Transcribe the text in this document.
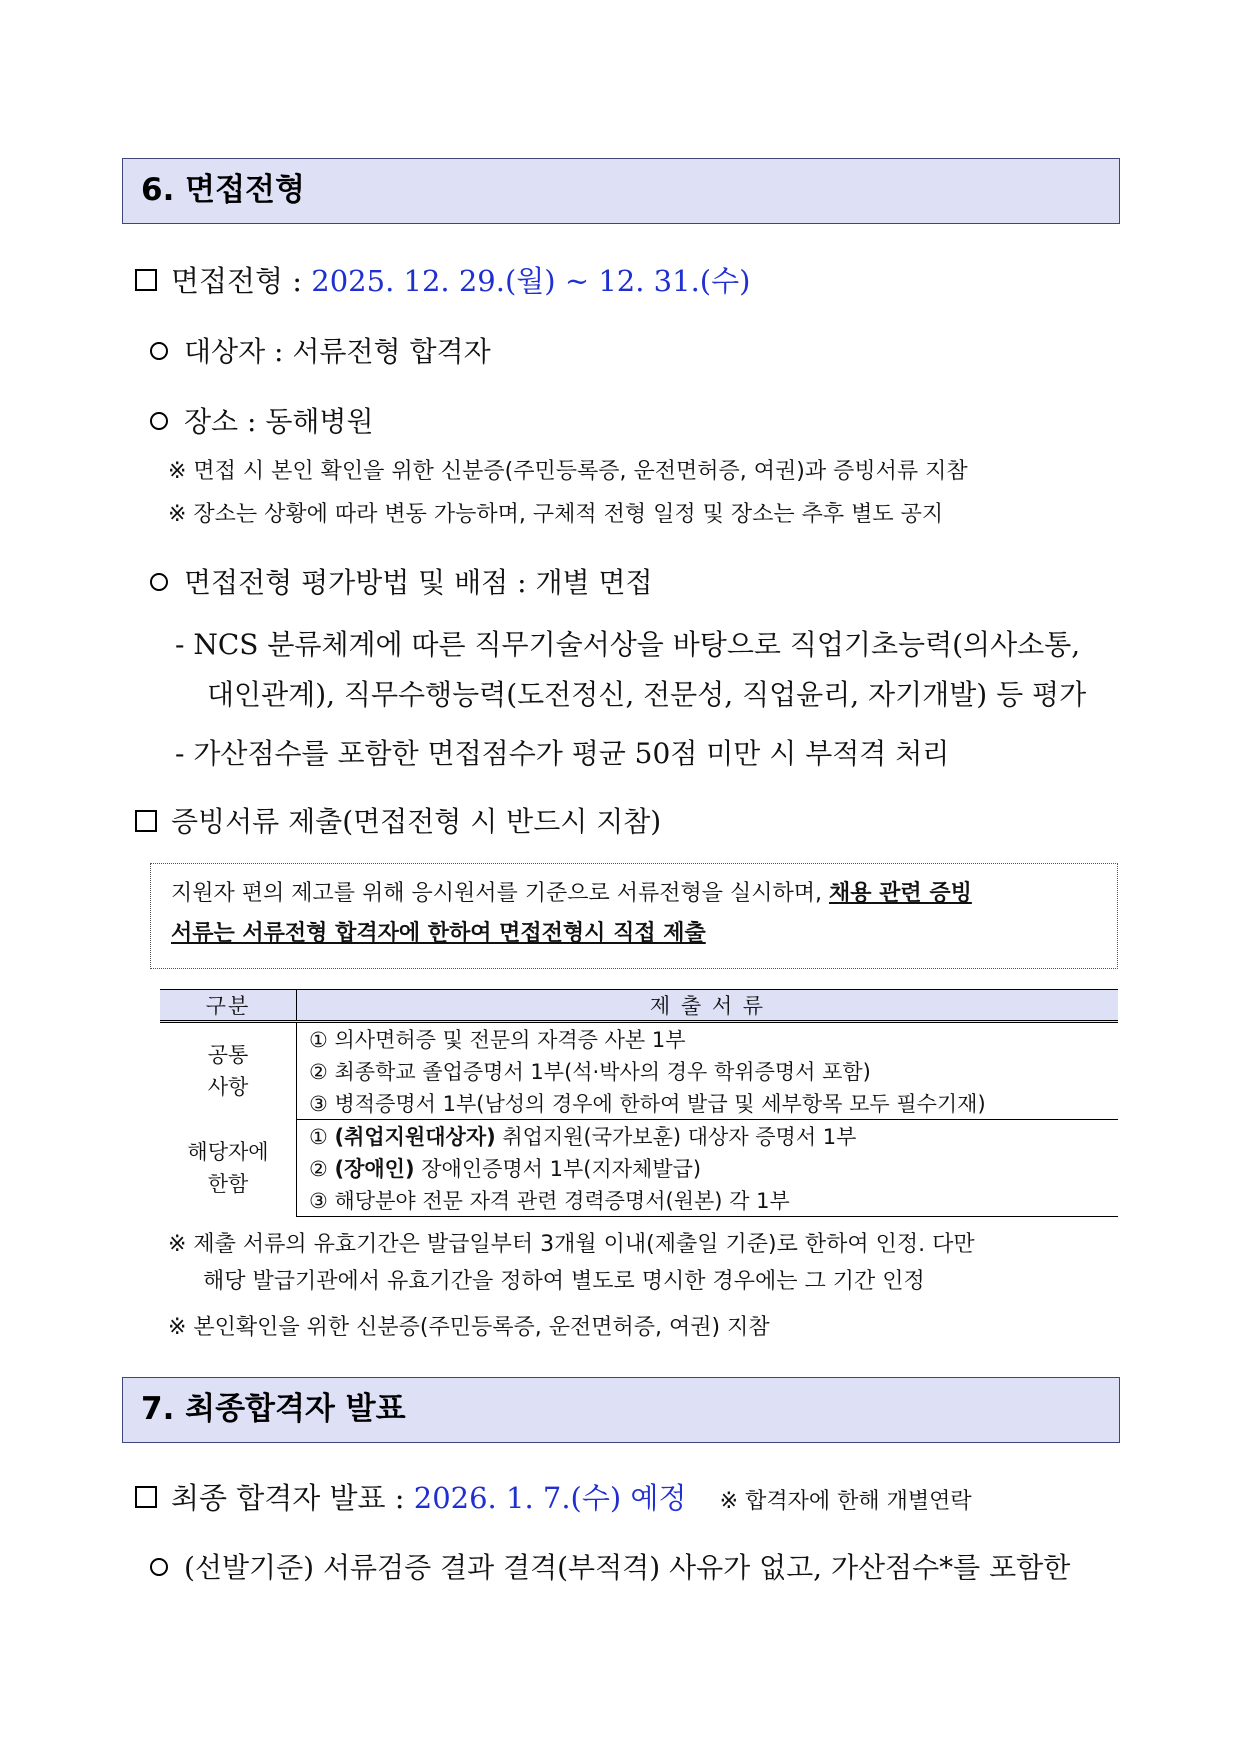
6. 면접전형
면접전형 : 2025. 12. 29.(월) ~ 12. 31.(수)
대상자 : 서류전형 합격자
장소 : 동해병원
※ 면접 시 본인 확인을 위한 신분증(주민등록증, 운전면허증, 여권)과 증빙서류 지참
※ 장소는 상황에 따라 변동 가능하며, 구체적 전형 일정 및 장소는 추후 별도 공지
면접전형 평가방법 및 배점 : 개별 면접
- NCS 분류체계에 따른 직무기술서상을 바탕으로 직업기초능력(의사소통,
대인관계), 직무수행능력(도전정신, 전문성, 직업윤리, 자기개발) 등 평가
- 가산점수를 포함한 면접점수가 평균 50점 미만 시 부적격 처리
증빙서류 제출(면접전형 시 반드시 지참)
지원자 편의 제고를 위해 응시원서를 기준으로 서류전형을 실시하며, 채용 관련 증빙
서류는 서류전형 합격자에 한하여 면접전형시 직접 제출
구분	제 출 서 류

공통
사항	① 의사면허증 및 전문의 자격증 사본 1부
	② 최종학교 졸업증명서 1부(석·박사의 경우 학위증명서 포함)
	③ 병적증명서 1부(남성의 경우에 한하여 발급 및 세부항목 모두 필수기재)

해당자에
한함	① (취업지원대상자) 취업지원(국가보훈) 대상자 증명서 1부
	② (장애인) 장애인증명서 1부(지자체발급)
	③ 해당분야 전문 자격 관련 경력증명서(원본) 각 1부
※ 제출 서류의 유효기간은 발급일부터 3개월 이내(제출일 기준)로 한하여 인정. 다만
해당 발급기관에서 유효기간을 정하여 별도로 명시한 경우에는 그 기간 인정
※ 본인확인을 위한 신분증(주민등록증, 운전면허증, 여권) 지참
7. 최종합격자 발표
최종 합격자 발표 : 2026. 1. 7.(수) 예정 ※ 합격자에 한해 개별연락
(선발기준) 서류검증 결과 결격(부적격) 사유가 없고, 가산점수*를 포함한
